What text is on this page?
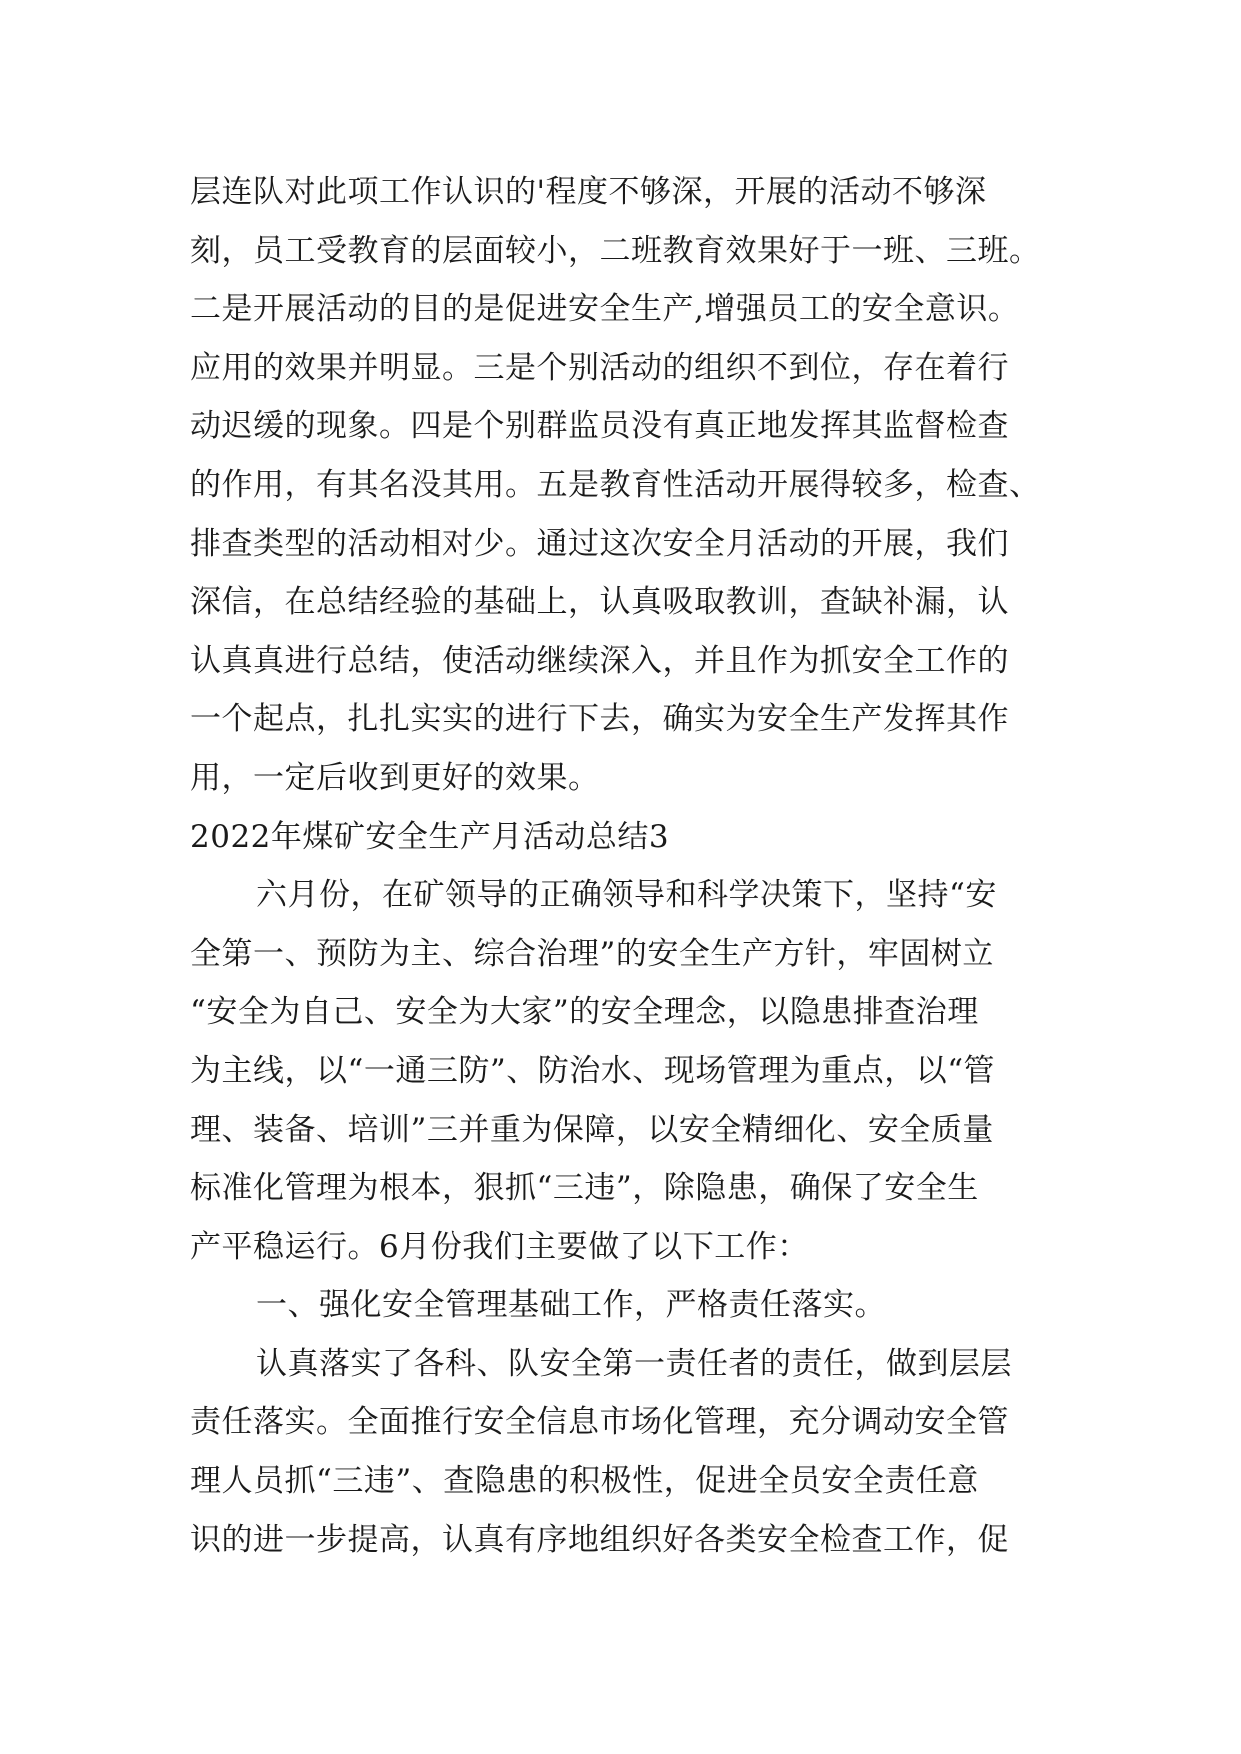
层连队对此项工作认识的'程度不够深，开展的活动不够深
刻，员工受教育的层面较小，二班教育效果好于一班、三班。
二是开展活动的目的是促进安全生产,增强员工的安全意识。
应用的效果并明显。三是个别活动的组织不到位，存在着行
动迟缓的现象。四是个别群监员没有真正地发挥其监督检查
的作用，有其名没其用。五是教育性活动开展得较多，检查、
排查类型的活动相对少。通过这次安全月活动的开展，我们
深信，在总结经验的基础上，认真吸取教训，查缺补漏，认
认真真进行总结，使活动继续深入，并且作为抓安全工作的
一个起点，扎扎实实的进行下去，确实为安全生产发挥其作
用，一定后收到更好的效果。
2022年煤矿安全生产月活动总结3
六月份，在矿领导的正确领导和科学决策下，坚持“安
全第一、预防为主、综合治理”的安全生产方针，牢固树立
“安全为自己、安全为大家”的安全理念，以隐患排查治理
为主线，以“一通三防”、防治水、现场管理为重点，以“管
理、装备、培训”三并重为保障，以安全精细化、安全质量
标准化管理为根本，狠抓“三违”，除隐患，确保了安全生
产平稳运行。6月份我们主要做了以下工作：
一、强化安全管理基础工作，严格责任落实。
认真落实了各科、队安全第一责任者的责任，做到层层
责任落实。全面推行安全信息市场化管理，充分调动安全管
理人员抓“三违”、查隐患的积极性，促进全员安全责任意
识的进一步提高，认真有序地组织好各类安全检查工作，促
